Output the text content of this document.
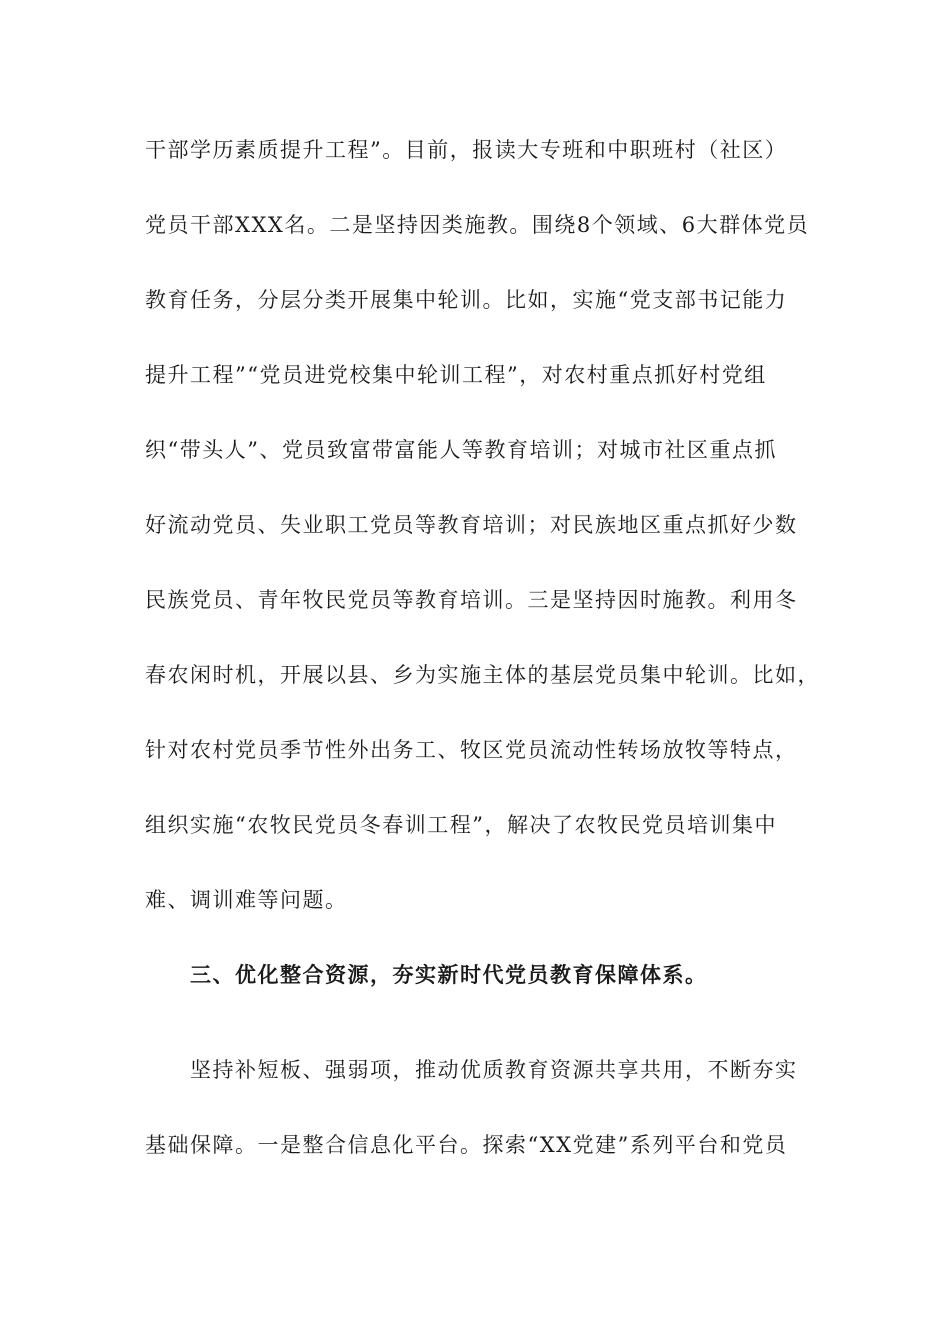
干部学历素质提升工程”。目前，报读大专班和中职班村（社区）
党员干部XXX名。二是坚持因类施教。围绕8个领域、6大群体党员
教育任务，分层分类开展集中轮训。比如，实施“党支部书记能力
提升工程”“党员进党校集中轮训工程”，对农村重点抓好村党组
织“带头人”、党员致富带富能人等教育培训；对城市社区重点抓
好流动党员、失业职工党员等教育培训；对民族地区重点抓好少数
民族党员、青年牧民党员等教育培训。三是坚持因时施教。利用冬
春农闲时机，开展以县、乡为实施主体的基层党员集中轮训。比如，
针对农村党员季节性外出务工、牧区党员流动性转场放牧等特点，
组织实施“农牧民党员冬春训工程”，解决了农牧民党员培训集中
难、调训难等问题。
三、优化整合资源，夯实新时代党员教育保障体系。
坚持补短板、强弱项，推动优质教育资源共享共用，不断夯实
基础保障。一是整合信息化平台。探索“XX党建”系列平台和党员
